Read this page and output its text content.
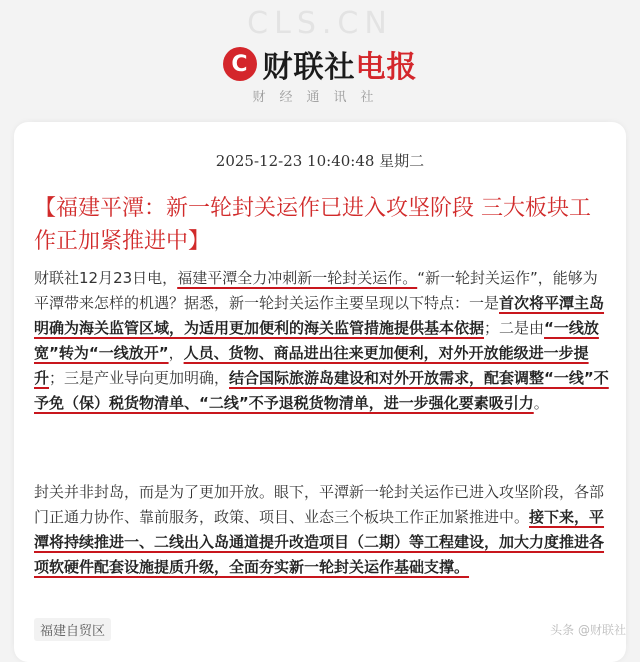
CLS.CN
C 财联社电报
财经通讯社
2025-12-23 10:40:48 星期二
【福建平潭：新一轮封关运作已进入攻坚阶段 三大板块工作正加紧推进中】
财联社12月23日电，福建平潭全力冲刺新一轮封关运作。“新一轮封关运作”，能够为平潭带来怎样的机遇？据悉，新一轮封关运作主要呈现以下特点：一是首次将平潭主岛明确为海关监管区域，为适用更加便利的海关监管措施提供基本依据；二是由“一线放宽”转为“一线放开”，人员、货物、商品进出往来更加便利，对外开放能级进一步提升；三是产业导向更加明确，结合国际旅游岛建设和对外开放需求，配套调整“一线”不予免（保）税货物清单、“二线”不予退税货物清单，进一步强化要素吸引力。
封关并非封岛，而是为了更加开放。眼下，平潭新一轮封关运作已进入攻坚阶段，各部门正通力协作、靠前服务，政策、项目、业态三个板块工作正加紧推进中。接下来，平潭将持续推进一、二线出入岛通道提升改造项目（二期）等工程建设，加大力度推进各项软硬件配套设施提质升级，全面夯实新一轮封关运作基础支撑。
福建自贸区	头条 @财联社
